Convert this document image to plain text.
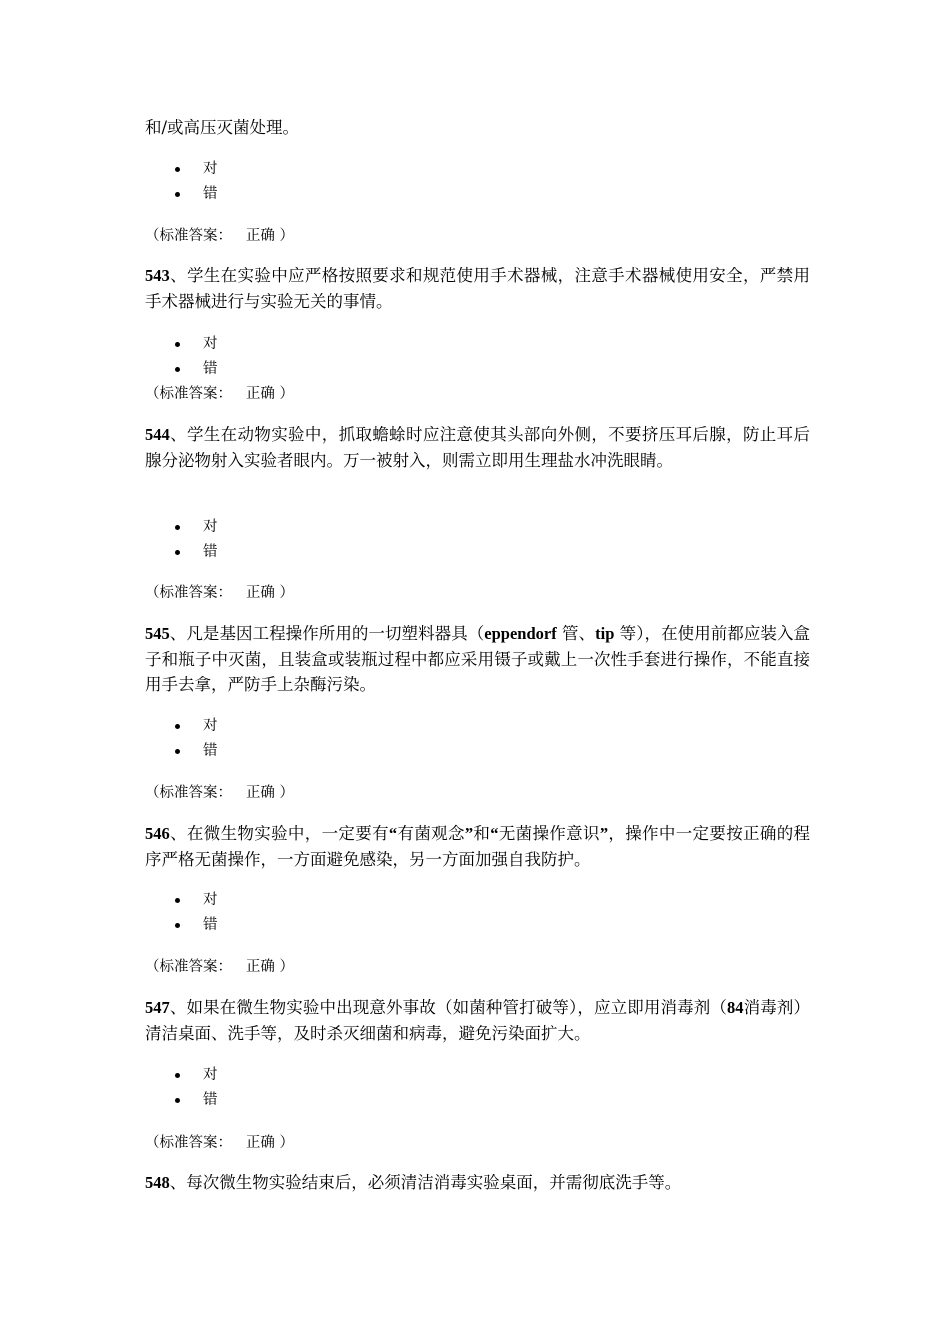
和/或高压灭菌处理。

对
错

（标准答案： 正确 ）

543、学生在实验中应严格按照要求和规范使用手术器械，注意手术器械使用安全，严禁用手术器械进行与实验无关的事情。

对
错

（标准答案： 正确 ）

544、学生在动物实验中，抓取蟾蜍时应注意使其头部向外侧，不要挤压耳后腺，防止耳后腺分泌物射入实验者眼内。万一被射入，则需立即用生理盐水冲洗眼睛。

对
错

（标准答案： 正确 ）

545、凡是基因工程操作所用的一切塑料器具（eppendorf 管、tip 等），在使用前都应装入盒子和瓶子中灭菌，且装盒或装瓶过程中都应采用镊子或戴上一次性手套进行操作，不能直接用手去拿，严防手上杂酶污染。

对
错

（标准答案： 正确 ）

546、在微生物实验中，一定要有“有菌观念”和“无菌操作意识”，操作中一定要按正确的程序严格无菌操作，一方面避免感染，另一方面加强自我防护。

对
错

（标准答案： 正确 ）

547、如果在微生物实验中出现意外事故（如菌种管打破等），应立即用消毒剂（84消毒剂）清洁桌面、洗手等，及时杀灭细菌和病毒，避免污染面扩大。

对
错

（标准答案： 正确 ）

548、每次微生物实验结束后，必须清洁消毒实验桌面，并需彻底洗手等。
